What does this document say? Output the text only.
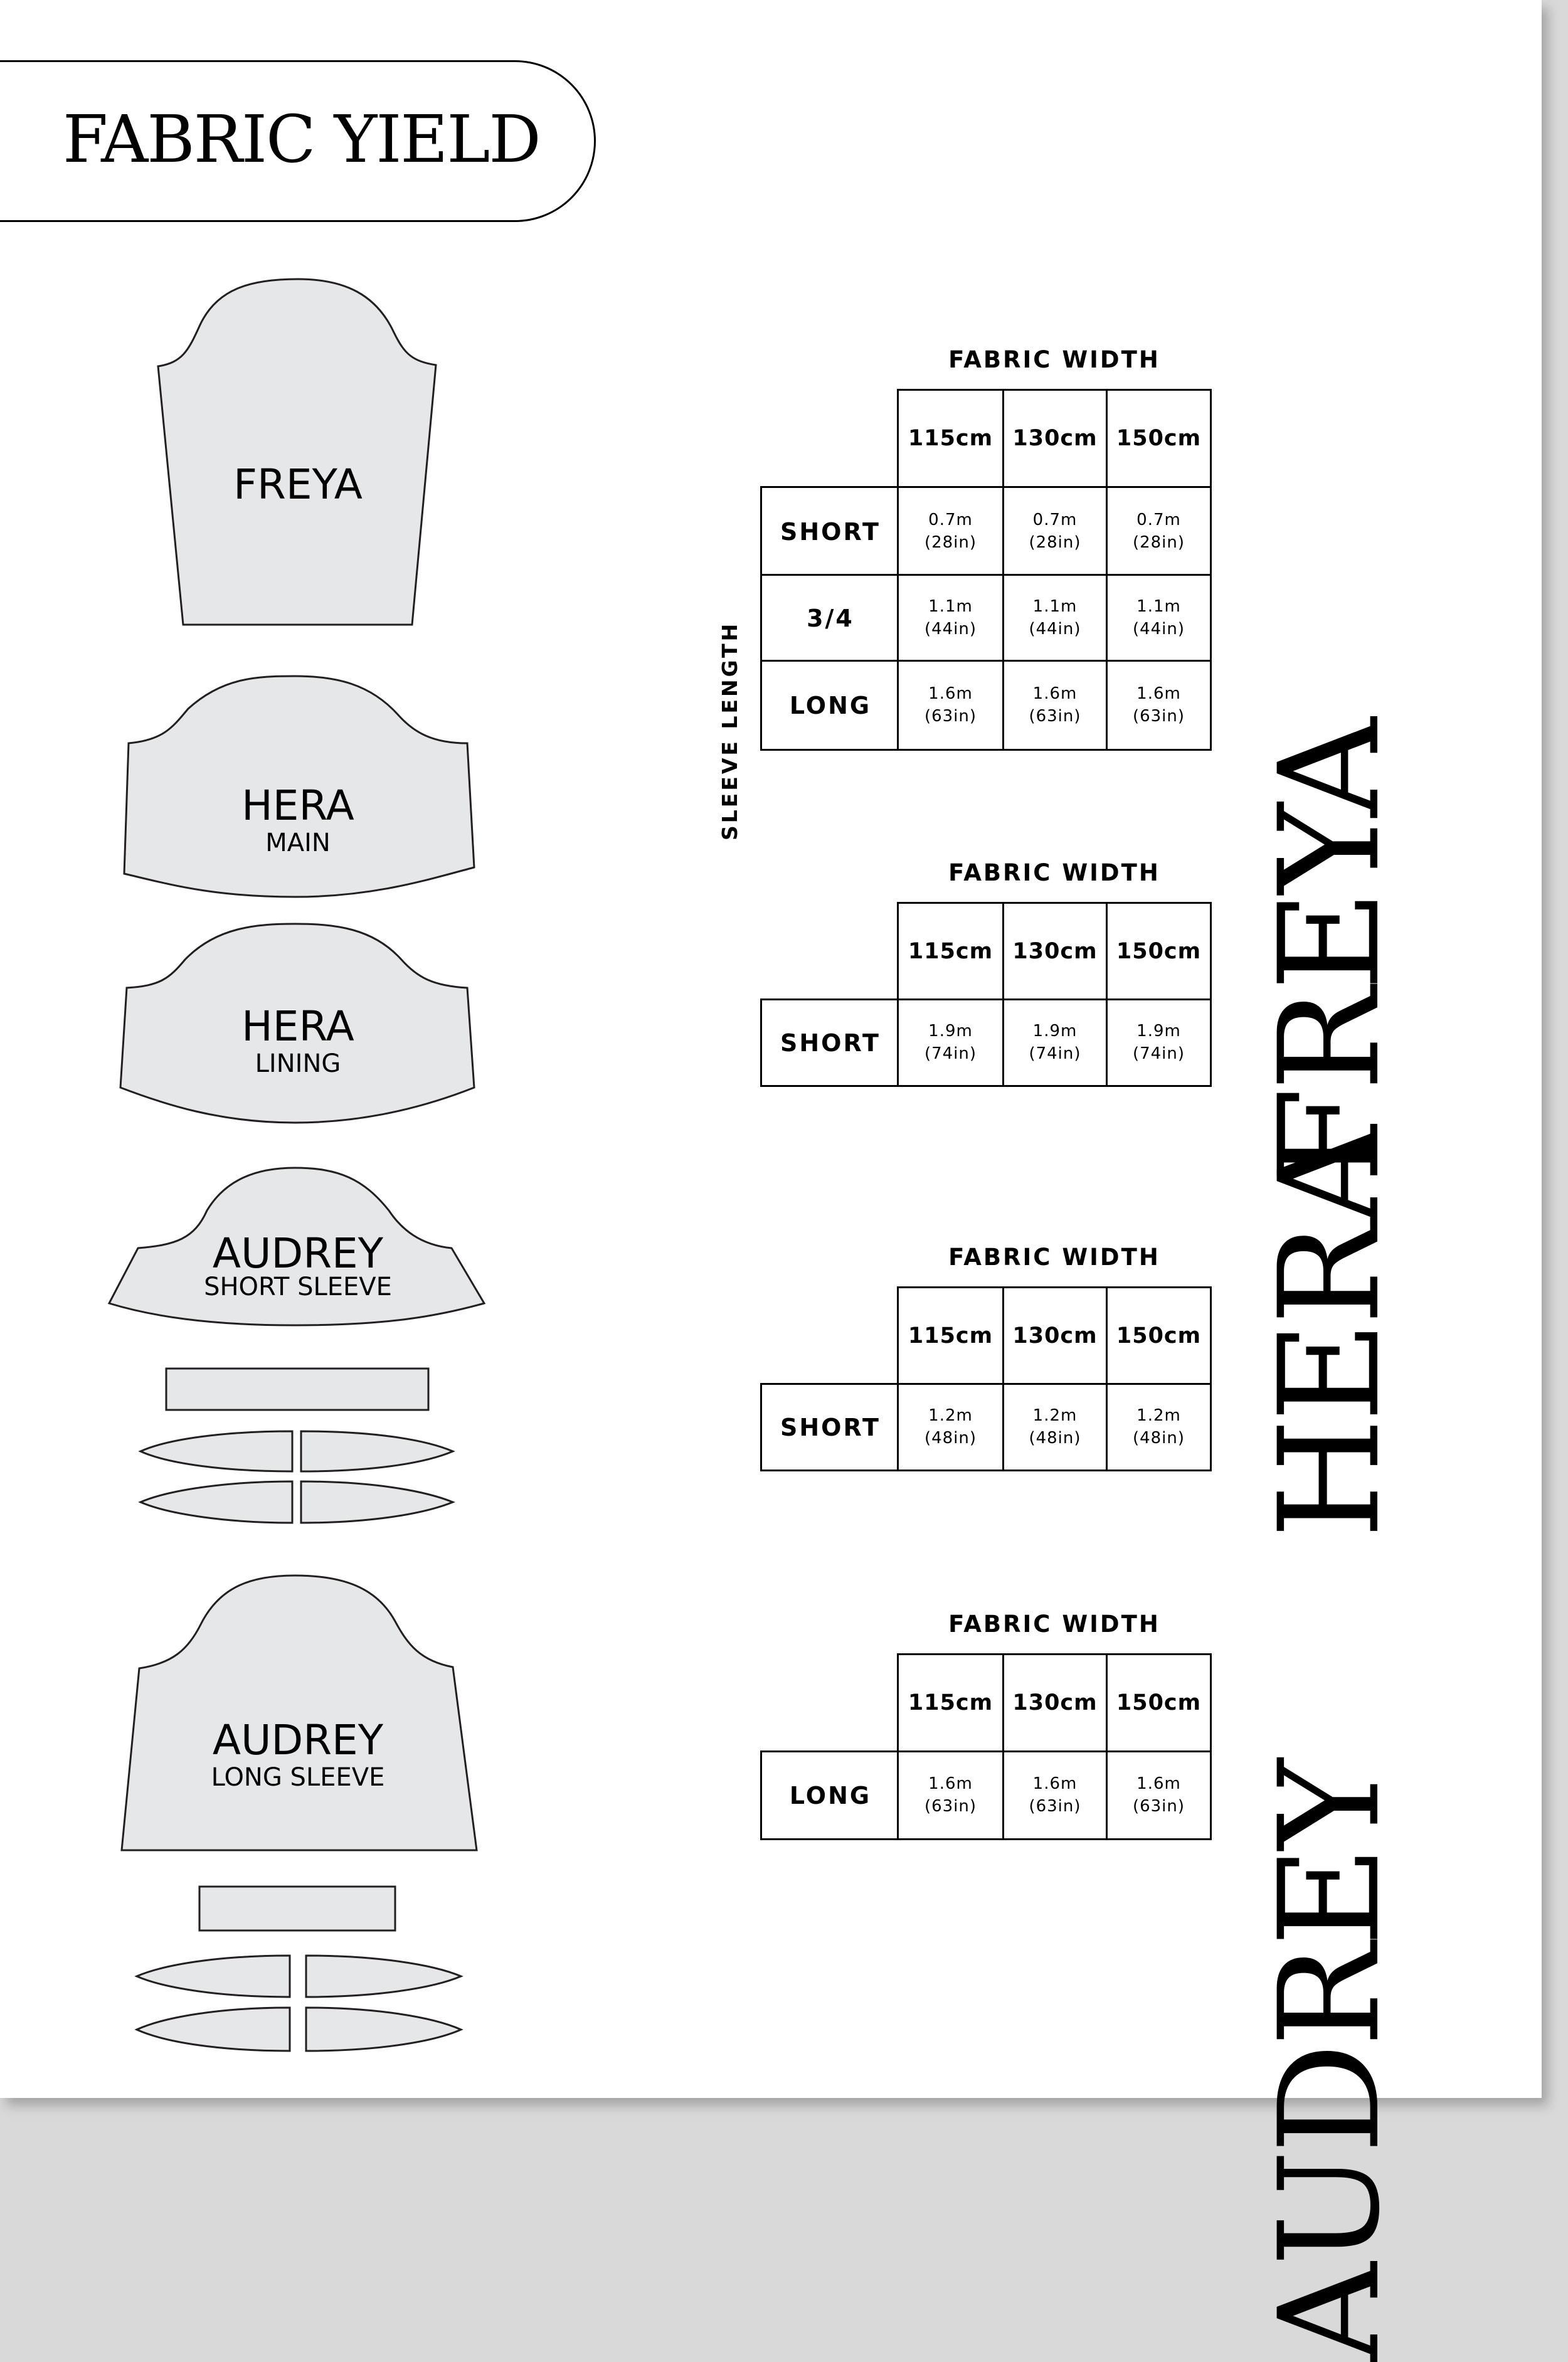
FABRIC YIELD
FREYA
HERA
MAIN
HERA
LINING
AUDREY
SHORT SLEEVE
AUDREY
LONG SLEEVE
SLEEVE LENGTH	FREYA
HERA
AUDREY
FABRIC WIDTH
115cm 130cm 150cm
SHORT	0.7m
(28in)
0.7m
(28in)
0.7m
(28in)
3/4	1.1m
(44in)
1.1m
(44in)
1.1m
(44in)
LONG	1.6m
(63in)
1.6m
(63in)
1.6m
(63in)
FABRIC WIDTH
115cm 130cm 150cm
SHORT	1.9m
(74in)
1.9m
(74in)
1.9m
(74in)
FABRIC WIDTH
115cm 130cm 150cm
SHORT	1.2m
(48in)
1.2m
(48in)
1.2m
(48in)
FABRIC WIDTH
115cm 130cm 150cm
LONG	1.6m
(63in)
1.6m
(63in)
1.6m
(63in)
